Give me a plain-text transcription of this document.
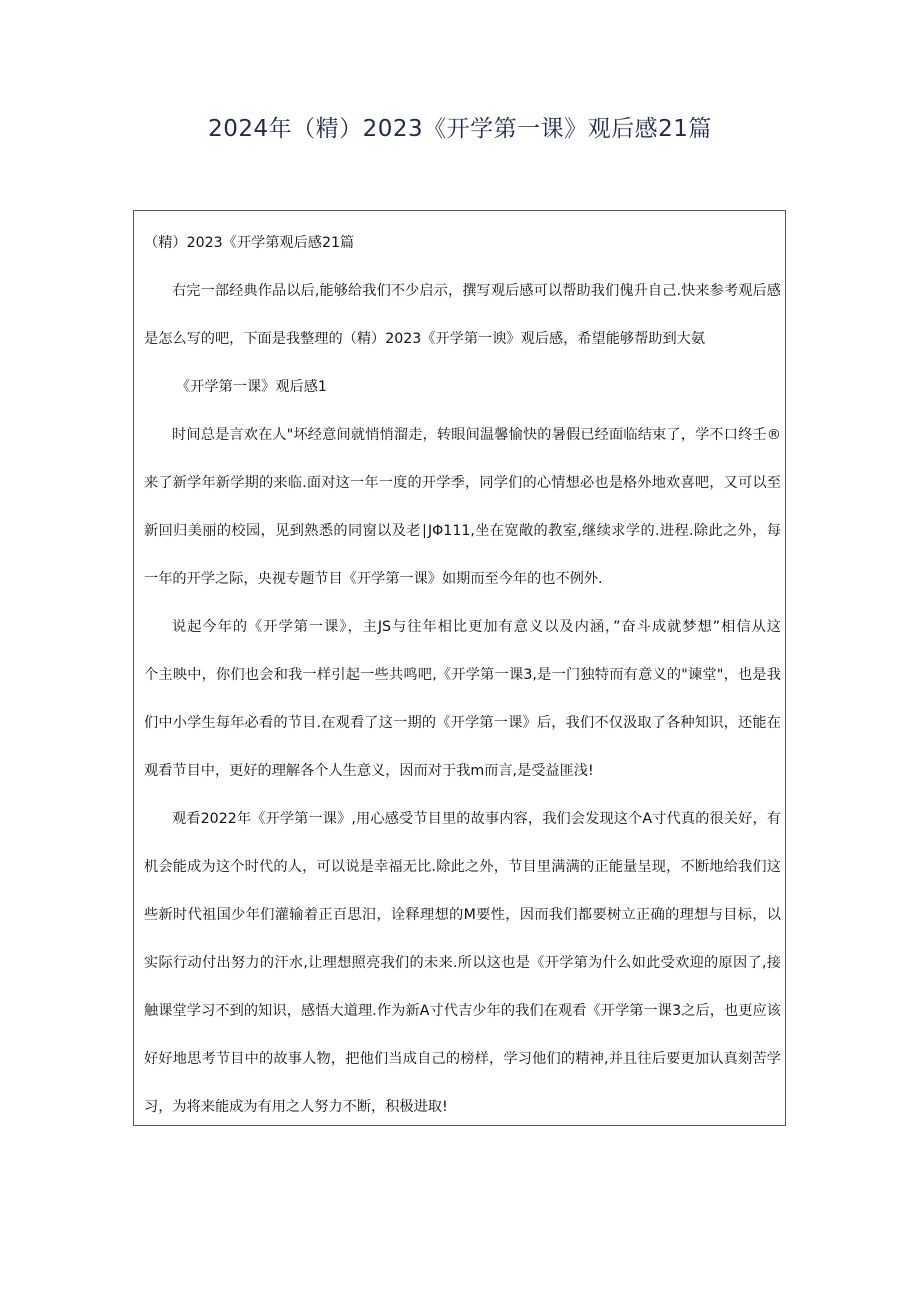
2024年（精）2023《开学第一课》观后感21篇

（精）2023《开学第观后感21篇

右完一部经典作品以后,能够给我们不少启示，撰写观后感可以帮助我们傀升自己.快来参考观后感

是怎么写的吧，下面是我整理的（精）2023《开学第一谀》观后感，希望能够帮助到大氨

《开学第一课》观后感1

时间总是言欢在人"坏经意间就悄悄溜走，转眼间温馨愉快的暑假已经面临结束了，学不口终壬®

来了新学年新学期的来临.面对这一年一度的开学季，同学们的心情想必也是格外地欢喜吧，又可以至

新回归美丽的校园，见到熟悉的同窗以及老∣JΦ111,坐在宽敞的教室,继续求学的.进程.除此之外，每

一年的开学之际，央视专题节目《开学第一课》如期而至今年的也不例外.

说起今年的《开学第一课》，主JS与往年相比更加有意义以及内涵，”奋斗成就梦想”相信从这

个主映中，你们也会和我一样引起一些共鸣吧,《开学第一课3,是一门独特而有意义的"谏堂"，也是我

们中小学生每年必看的节目.在观看了这一期的《开学第一课》后，我们不仅汲取了各种知识，还能在

观看节目中，更好的理解各个人生意义，因而对于我m而言,是受益匪浅!

观看2022年《开学第一课》,用心感受节目里的故事内容，我们会发现这个A寸代真的很关好，有

机会能成为这个时代的人，可以说是幸福无比.除此之外，节目里满满的正能量呈现，不断地给我们这

些新时代祖国少年们灌输着正百思汨，诠释理想的M要性，因而我们都要树立正确的理想与目标，以

实际行动付出努力的汗水,让理想照亮我们的未来.所以这也是《开学第为什么如此受欢迎的原因了,接

触课堂学习不到的知识，感悟大道理.作为新A寸代吉少年的我们在观看《开学第一课3之后，也更应该

好好地思考节目中的故事人物，把他们当成自己的榜样，学习他们的精神,并且往后要更加认真刻苦学

习，为将来能成为有用之人努力不断，积极进取!
